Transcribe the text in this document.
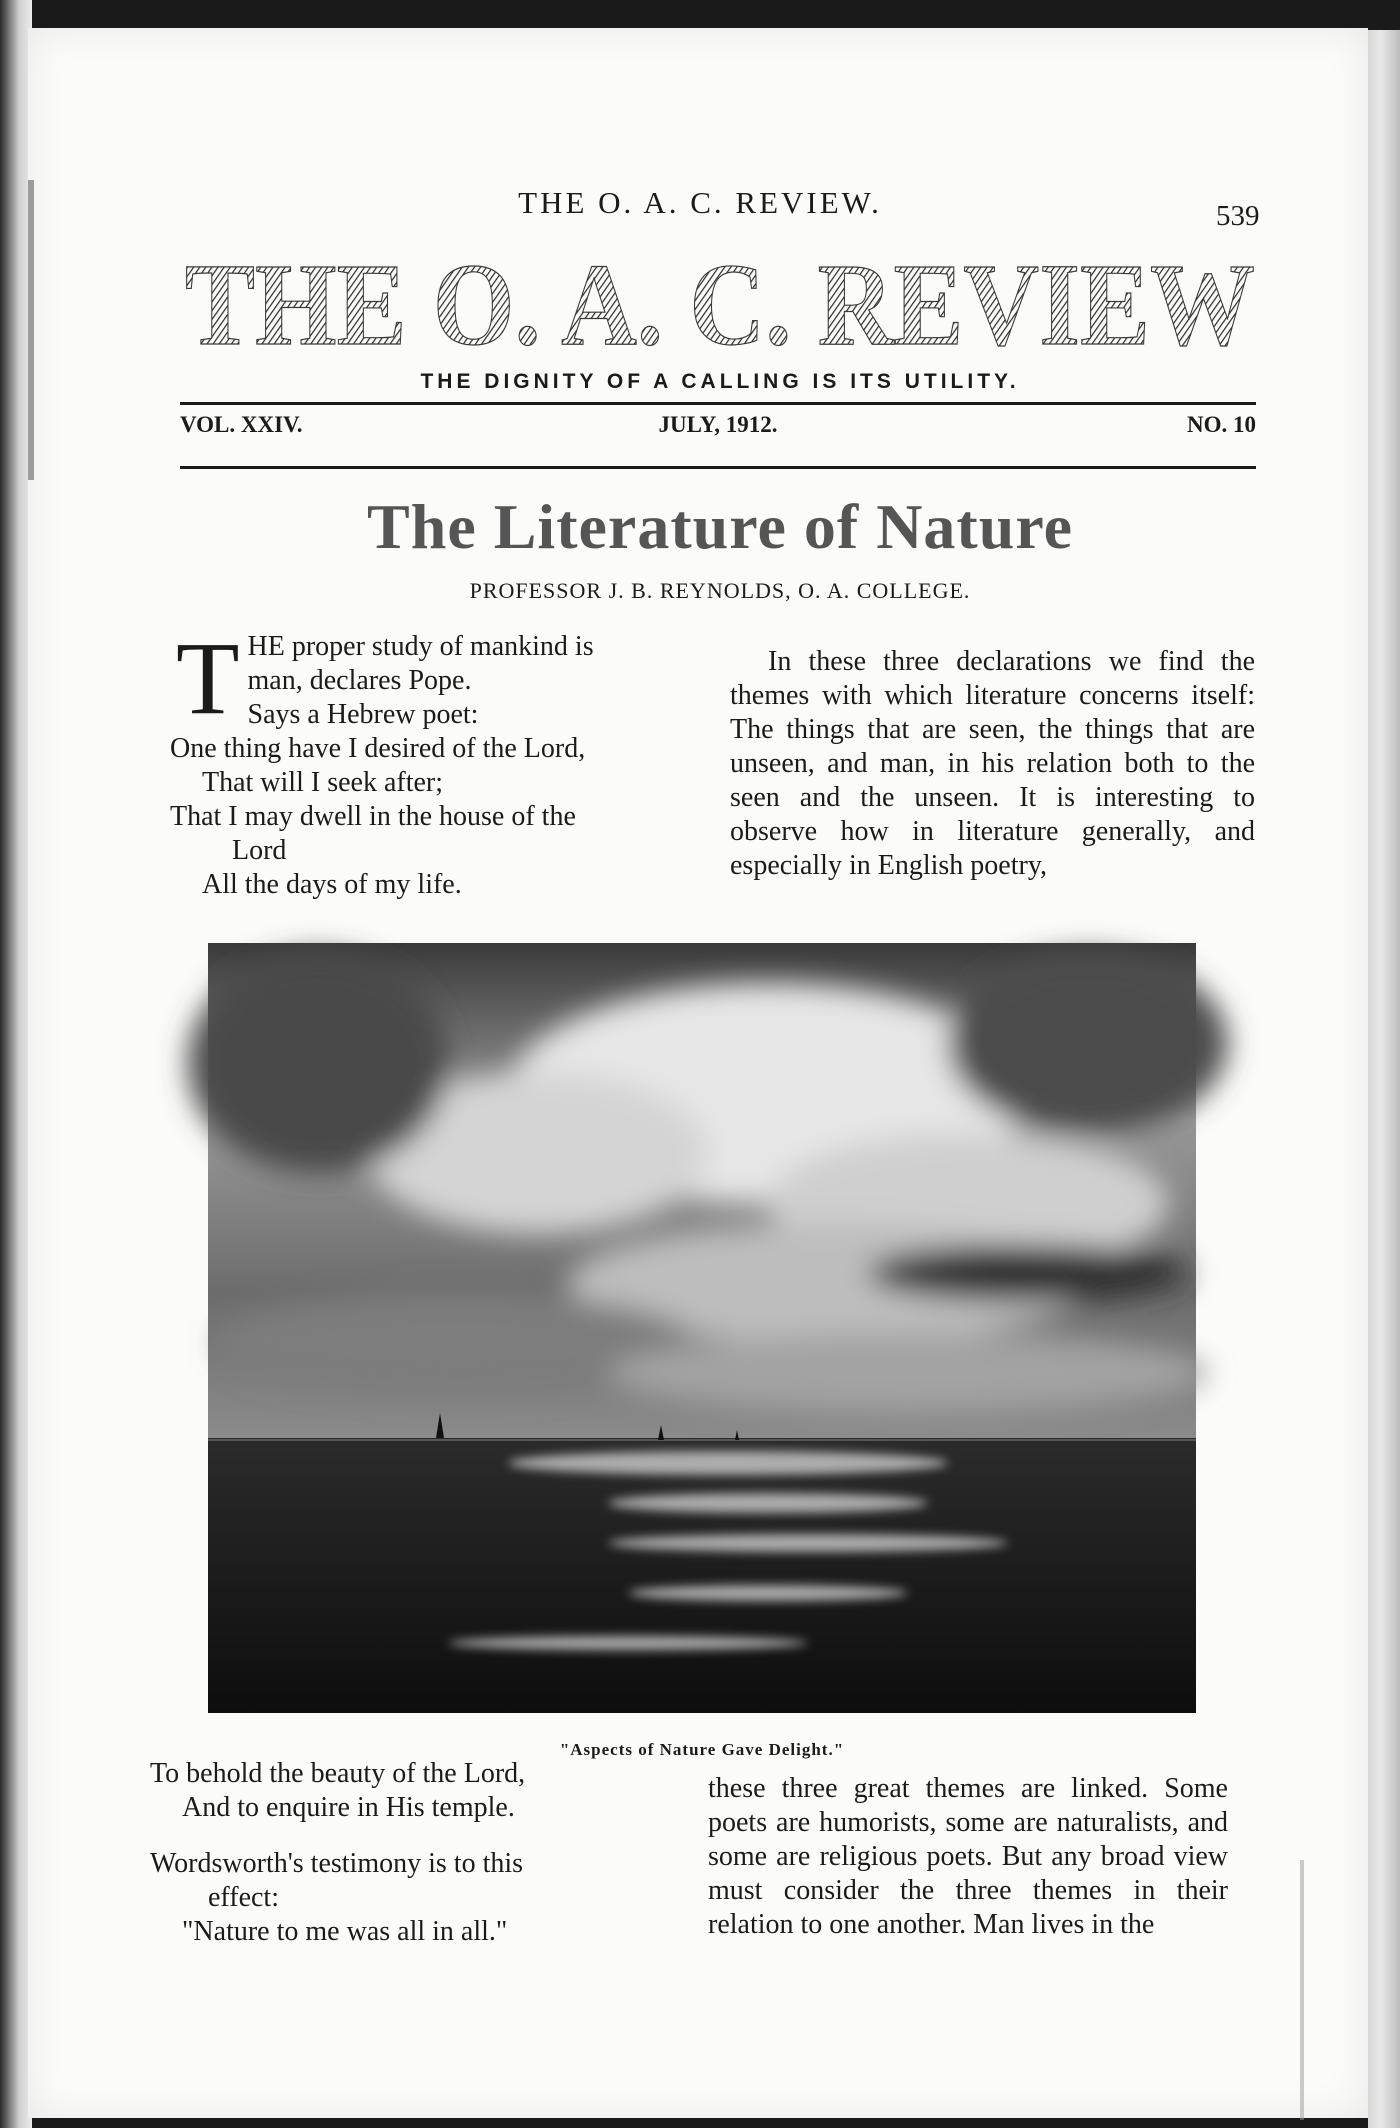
THE O. A. C. REVIEW.	539
THE O. A. C. REVIEW
THE DIGNITY OF A CALLING IS ITS UTILITY.
VOL. XXIV.	JULY, 1912.	NO. 10
The Literature of Nature
PROFESSOR J. B. REYNOLDS, O. A. COLLEGE.
T HE proper study of mankind is

man, declares Pope.

Says a Hebrew poet:

One thing have I desired of the Lord,

That will I seek after;

That I may dwell in the house of the

Lord

All the days of my life.

In these three declarations we find the themes with which literature concerns itself: The things that are seen, the things that are unseen, and man, in his relation both to the seen and the unseen. It is interesting to observe how in literature generally, and especially in English poetry,

"Aspects of Nature Gave Delight."

To behold the beauty of the Lord,

And to enquire in His temple.

Wordsworth's testimony is to this

effect:

"Nature to me was all in all."

these three great themes are linked. Some poets are humorists, some are naturalists, and some are religious poets. But any broad view must consider the three themes in their relation to one another. Man lives in the
